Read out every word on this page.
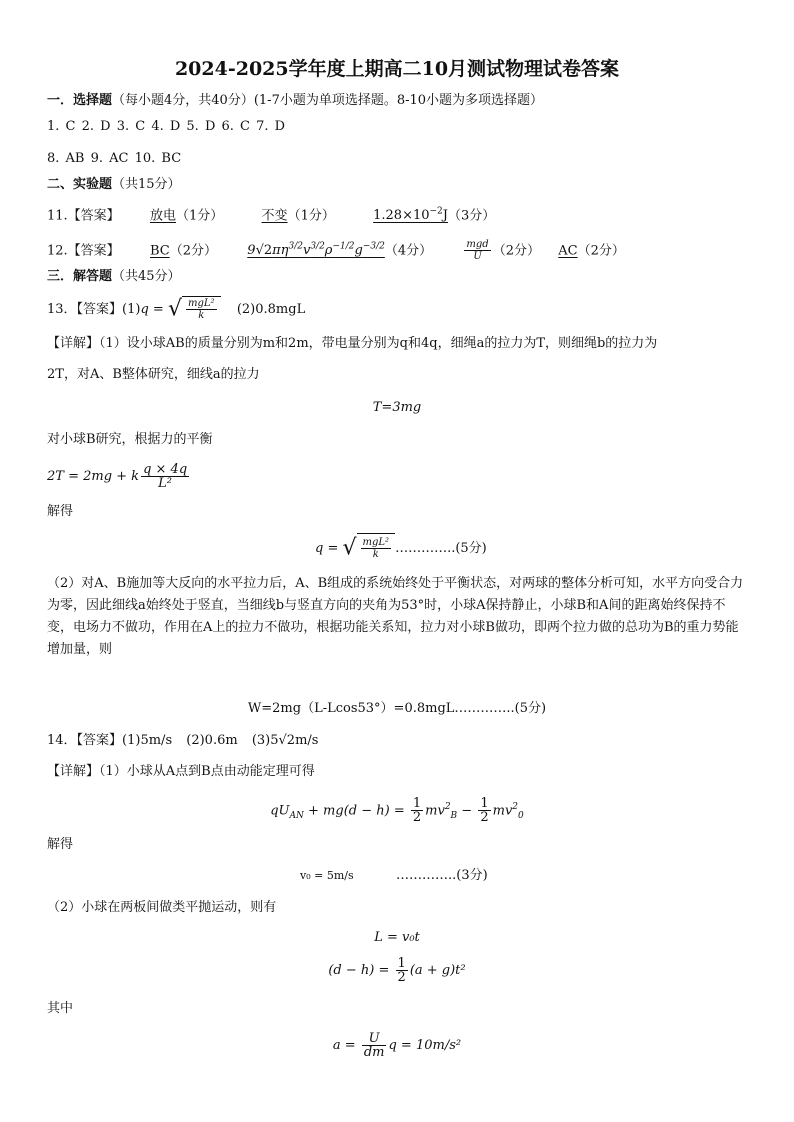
2024-2025学年度上期高二10月测试物理试卷答案
一．选择题（每小题4分，共40分）(1-7小题为单项选择题。8-10小题为多项选择题）
1. C 2. D 3. C 4. D 5. D 6. C 7. D
8. AB 9. AC 10. BC
二、实验题（共15分）
11.【答案】 放电（1分）	不变（1分）	$1.28\times 10^{-2}J(3$分）
12.【答案】 BC（2分） $9√2\pi\eta^{3/2}v^{3/2}\rho^{-1/2}g^{-3/2}(4$分）	$\frac{\text{mgd}}{U} (2$分） AC（2分）
三．解答题（共45分）
13．【答案】(1)q = √ $\frac{\text{mgL²}}{k} (2)0.8mgL$
【详解】（1）设小球AB的质量分别为m和2m，带电量分别为q和4q，细绳a的拉力为T，则细绳b的拉力为
2T，对A、B整体研究，细线a的拉力
T=3mg
对小球B研究，根据力的平衡
2T = 2mg + k $\frac{q \times 4q}{\text{L²}}$
解得
q = √ $\frac{\text{mgL²}}{k}$ …………..(5分)
（2）对A、B施加等大反向的水平拉力后，A、B组成的系统始终处于平衡状态，对两球的整体分析可知，水平方向受合力为零，因此细线a始终处于竖直，当细线b与竖直方向的夹角为53°时，小球A保持静止，小球B和A间的距离始终保持不变，电场力不做功，作用在A上的拉力不做功，根据功能关系知，拉力对小球B做功，即两个拉力做的总功为B的重力势能增加量，则
W=2mg（L-Lcos53°）=0.8mgL…………..(5分)
14．【答案】(1)5m/s (2)0.6m (3)5√2m/s
【详解】（1）小球从A点到B点由动能定理可得
$qU_{AN} + mg(d - h) = \frac{1}{2} mv^2_B - \frac{1}{2} mv^2_0$
解得
v₀ = 5m/s	…………..(3分)
（2）小球在两板间做类平抛运动，则有
L = v₀t
$(d - h) = \frac{1}{2} (a + g)t^2$
其中
$a = \frac{U}{dm}$ q = 10m/s²
